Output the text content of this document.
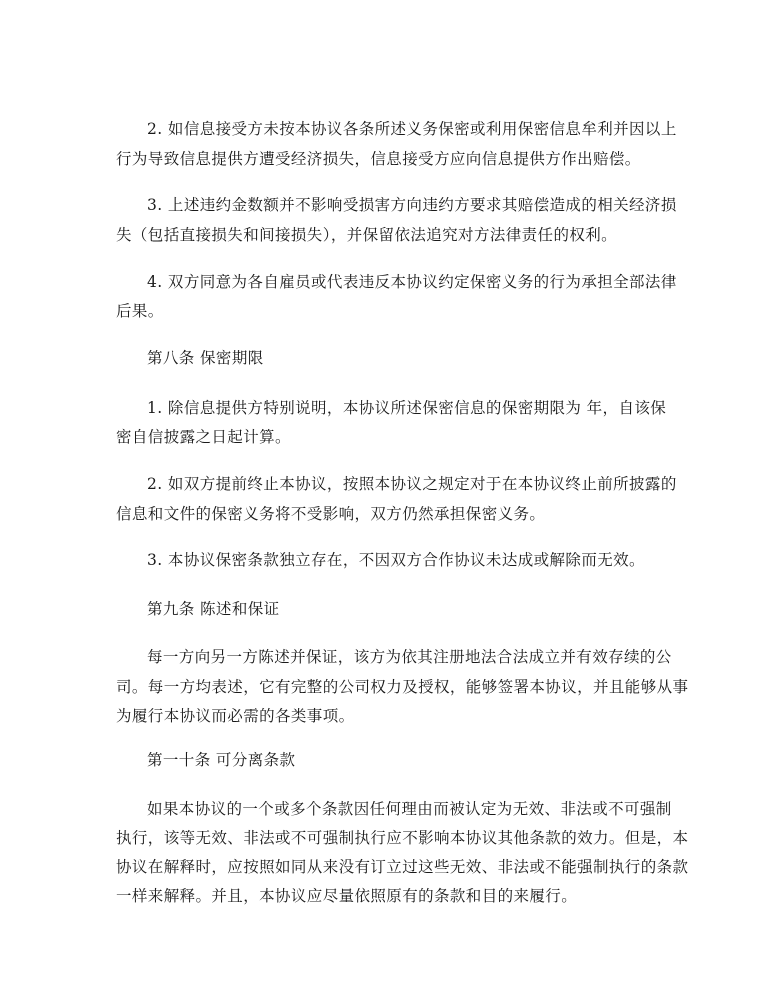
2. 如信息接受方未按本协议各条所述义务保密或利用保密信息牟利并因以上
行为导致信息提供方遭受经济损失，信息接受方应向信息提供方作出赔偿。
3. 上述违约金数额并不影响受损害方向违约方要求其赔偿造成的相关经济损
失（包括直接损失和间接损失），并保留依法追究对方法律责任的权利。
4. 双方同意为各自雇员或代表违反本协议约定保密义务的行为承担全部法律
后果。
第八条 保密期限
1. 除信息提供方特别说明，本协议所述保密信息的保密期限为 年，自该保
密自信披露之日起计算。
2. 如双方提前终止本协议，按照本协议之规定对于在本协议终止前所披露的
信息和文件的保密义务将不受影响，双方仍然承担保密义务。
3. 本协议保密条款独立存在，不因双方合作协议未达成或解除而无效。
第九条 陈述和保证
每一方向另一方陈述并保证，该方为依其注册地法合法成立并有效存续的公
司。每一方均表述，它有完整的公司权力及授权，能够签署本协议，并且能够从事
为履行本协议而必需的各类事项。
第一十条 可分离条款
如果本协议的一个或多个条款因任何理由而被认定为无效、非法或不可强制
执行，该等无效、非法或不可强制执行应不影响本协议其他条款的效力。但是，本
协议在解释时，应按照如同从来没有订立过这些无效、非法或不能强制执行的条款
一样来解释。并且，本协议应尽量依照原有的条款和目的来履行。
